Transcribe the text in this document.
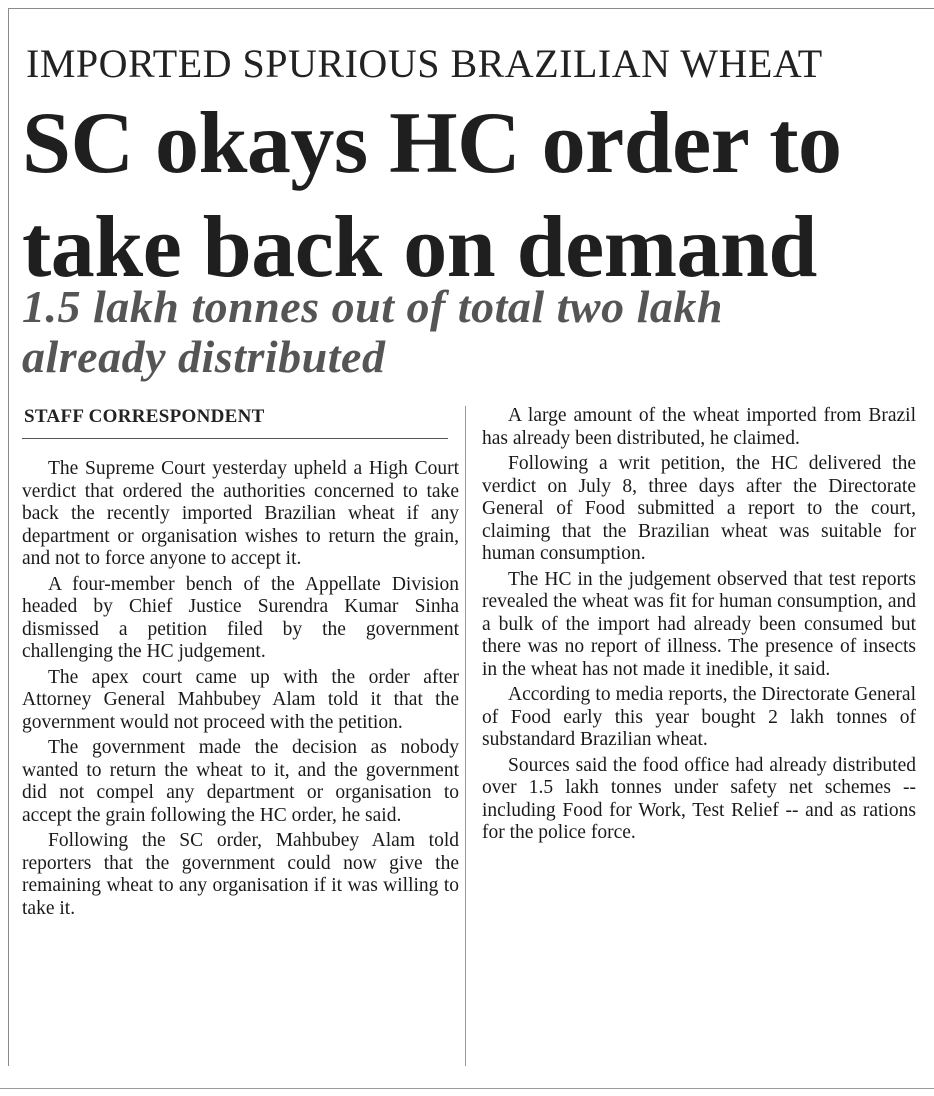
IMPORTED SPURIOUS BRAZILIAN WHEAT
SC okays HC order to
take back on demand
1.5 lakh tonnes out of total two lakh
already distributed
STAFF CORRESPONDENT

The Supreme Court yesterday upheld a High Court verdict that ordered the authorities concerned to take back the recently imported Brazilian wheat if any department or organisation wishes to return the grain, and not to force anyone to accept it.

A four-member bench of the Appellate Division headed by Chief Justice Surendra Kumar Sinha dismissed a petition filed by the government challenging the HC judgement.

The apex court came up with the order after Attorney General Mahbubey Alam told it that the government would not proceed with the petition.

The government made the decision as nobody wanted to return the wheat to it, and the government did not compel any department or organisation to accept the grain following the HC order, he said.

Following the SC order, Mahbubey Alam told reporters that the government could now give the remaining wheat to any organisation if it was willing to take it.

A large amount of the wheat imported from Brazil has already been distributed, he claimed.

Following a writ petition, the HC delivered the verdict on July 8, three days after the Directorate General of Food submitted a report to the court, claiming that the Brazilian wheat was suitable for human consumption.

The HC in the judgement observed that test reports revealed the wheat was fit for human consumption, and a bulk of the import had already been consumed but there was no report of illness. The presence of insects in the wheat has not made it inedible, it said.

According to media reports, the Directorate General of Food early this year bought 2 lakh tonnes of substandard Brazilian wheat.

Sources said the food office had already distributed over 1.5 lakh tonnes under safety net schemes -- including Food for Work, Test Relief -- and as rations for the police force.
